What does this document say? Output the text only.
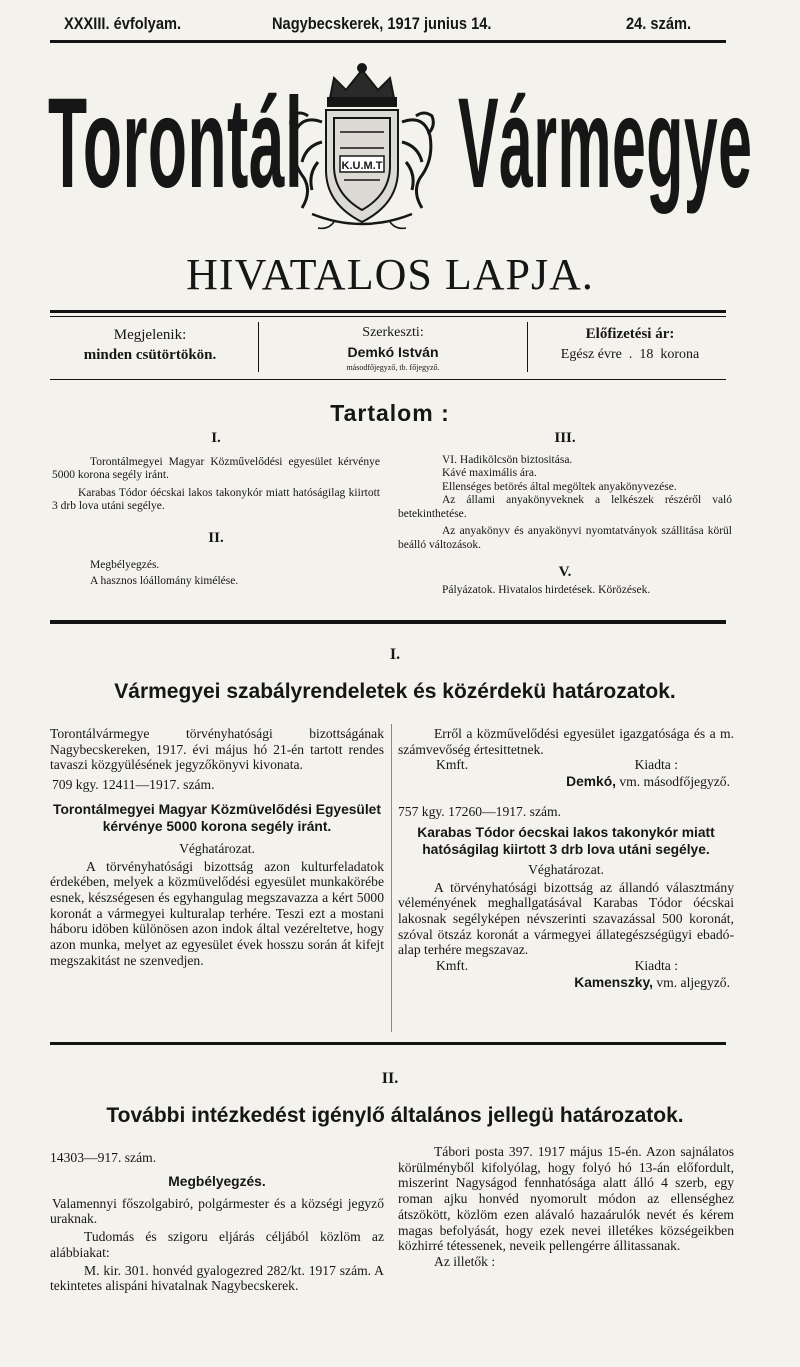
XXXIII. évfolyam.	Nagybecskerek, 1917 junius 14.	24. szám.
Torontál Vármegye
K.U.M.T
HIVATALOS LAPJA.
Megjelenik:
minden csütörtökön.
Szerkeszti:
Demkó István
másodfőjegyző, tb. főjegyző.
Előfizetési ár:
Egész évre  .  18  korona
Tartalom :
I.

Torontálmegyei Magyar Közművelődési egyesület kérvénye 5000 korona segély iránt.

Karabas Tódor óécskai lakos takonykór miatt hatóságilag kiirtott 3 drb lova utáni segélye.

II.

Megbélyegzés.

A hasznos lóállomány kimélése.

III.

VI. Hadikölcsön biztositása.

Kávé maximális ára.

Ellenséges betörés által megöltek anyakönyvezése.

Az állami anyakönyveknek a lelkészek részéről való betekinthetése.

Az anyakönyv és anyakönyvi nyomtatványok szállitása körül beálló változások.

V.

Pályázatok. Hivatalos hirdetések. Körözések.

I.
Vármegyei szabályrendeletek és közérdekü határozatok.

Torontálvármegye törvényhatósági bizottságának Nagybecskereken, 1917. évi május hó 21-én tartott rendes tavaszi közgyülésének jegyzőkönyvi kivonata.

709 kgy. 12411—1917. szám.

Torontálmegyei Magyar Közmüvelődési Egyesület kérvénye 5000 korona segély iránt.
Véghatározat.

A törvényhatósági bizottság azon kulturfeladatok érdekében, melyek a közmüvelődési egyesület munkakörébe esnek, készségesen és egyhangulag megszavazza a kért 5000 koronát a vármegyei kulturalap terhére. Teszi ezt a mostani háboru idöben különösen azon indok által vezéreltetve, hogy azon munka, melyet az egyesület évek hosszu során át kifejt megszakitást ne szenvedjen.

Erről a közművelődési egyesület igazgatósága és a m. számvevőség értesittetnek.

Kmft.	Kiadta :
Demkó, vm. másodfőjegyző.

757 kgy. 17260—1917. szám.

Karabas Tódor óecskai lakos takonykór miatt hatóságilag kiirtott 3 drb lova utáni segélye.
Véghatározat.

A törvényhatósági bizottság az állandó választmány véleményének meghallgatásával Karabas Tódor óécskai lakosnak segélyképen névszerinti szavazással 500 koronát, szóval ötszáz koronát a vármegyei állategészségügyi ebadó-alap terhére megszavaz.

Kmft.	Kiadta :
Kamenszky, vm. aljegyző.
II.
További intézkedést igénylő általános jellegü határozatok.

14303—917. szám.

Megbélyegzés.

Valamennyi főszolgabiró, polgármester és a községi jegyző uraknak.

Tudomás és szigoru eljárás céljából közlöm az alábbiakat:

M. kir. 301. honvéd gyalogezred 282/kt. 1917 szám. A tekintetes alispáni hivatalnak Nagybecskerek.

Tábori posta 397. 1917 május 15-én. Azon sajnálatos körülményből kifolyólag, hogy folyó hó 13-án előfordult, miszerint Nagyságod fennhatósága alatt álló 4 szerb, egy roman ajku honvéd nyomorult módon az ellenséghez átszökött, közlöm ezen alávaló hazaárulók nevét és kérem magas befolyását, hogy ezek nevei illetékes községeikben közhirré tétessenek, neveik pellengérre állitassanak.

Az illetők :
